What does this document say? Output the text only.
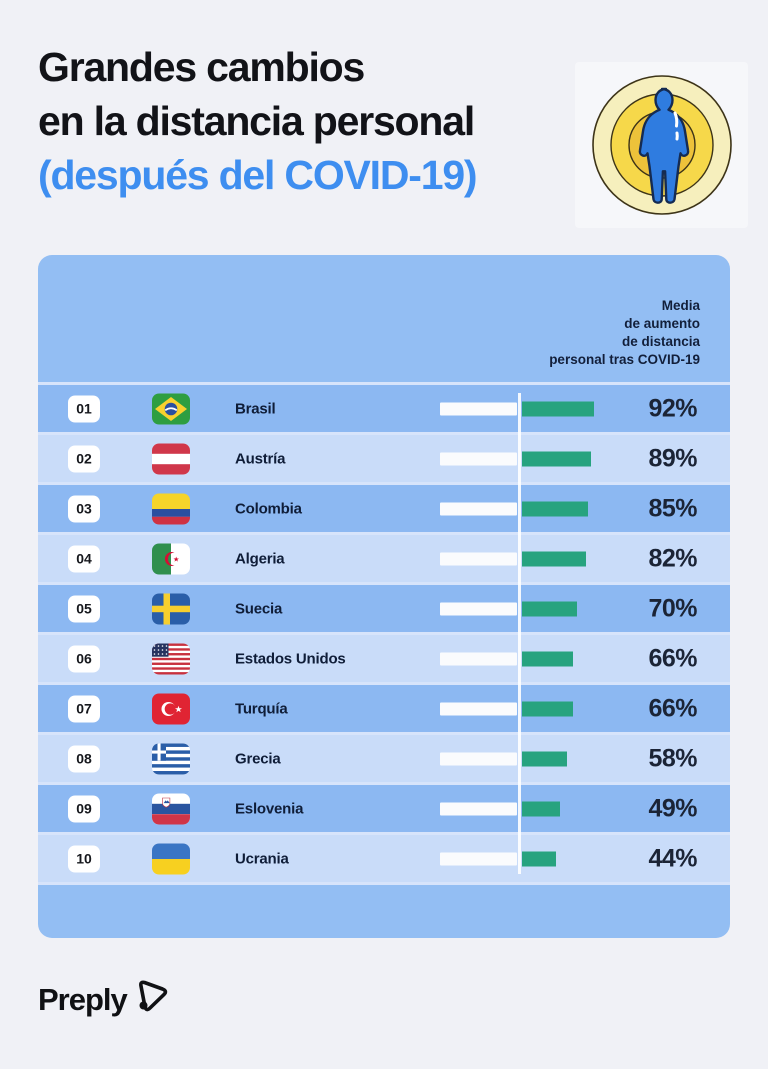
Grandes cambios
en la distancia personal
(después del COVID-19)
Media
de aumento
de distancia
personal tras COVID-19
01	Brasil	92%
02	Austría	89%
03	Colombia	85%
04	Algeria	82%
05	Suecia	70%
06	Estados Unidos	66%
07	Turquía	66%
08	Grecia	58%
09	Eslovenia	49%
10	Ucrania	44%
Preply
